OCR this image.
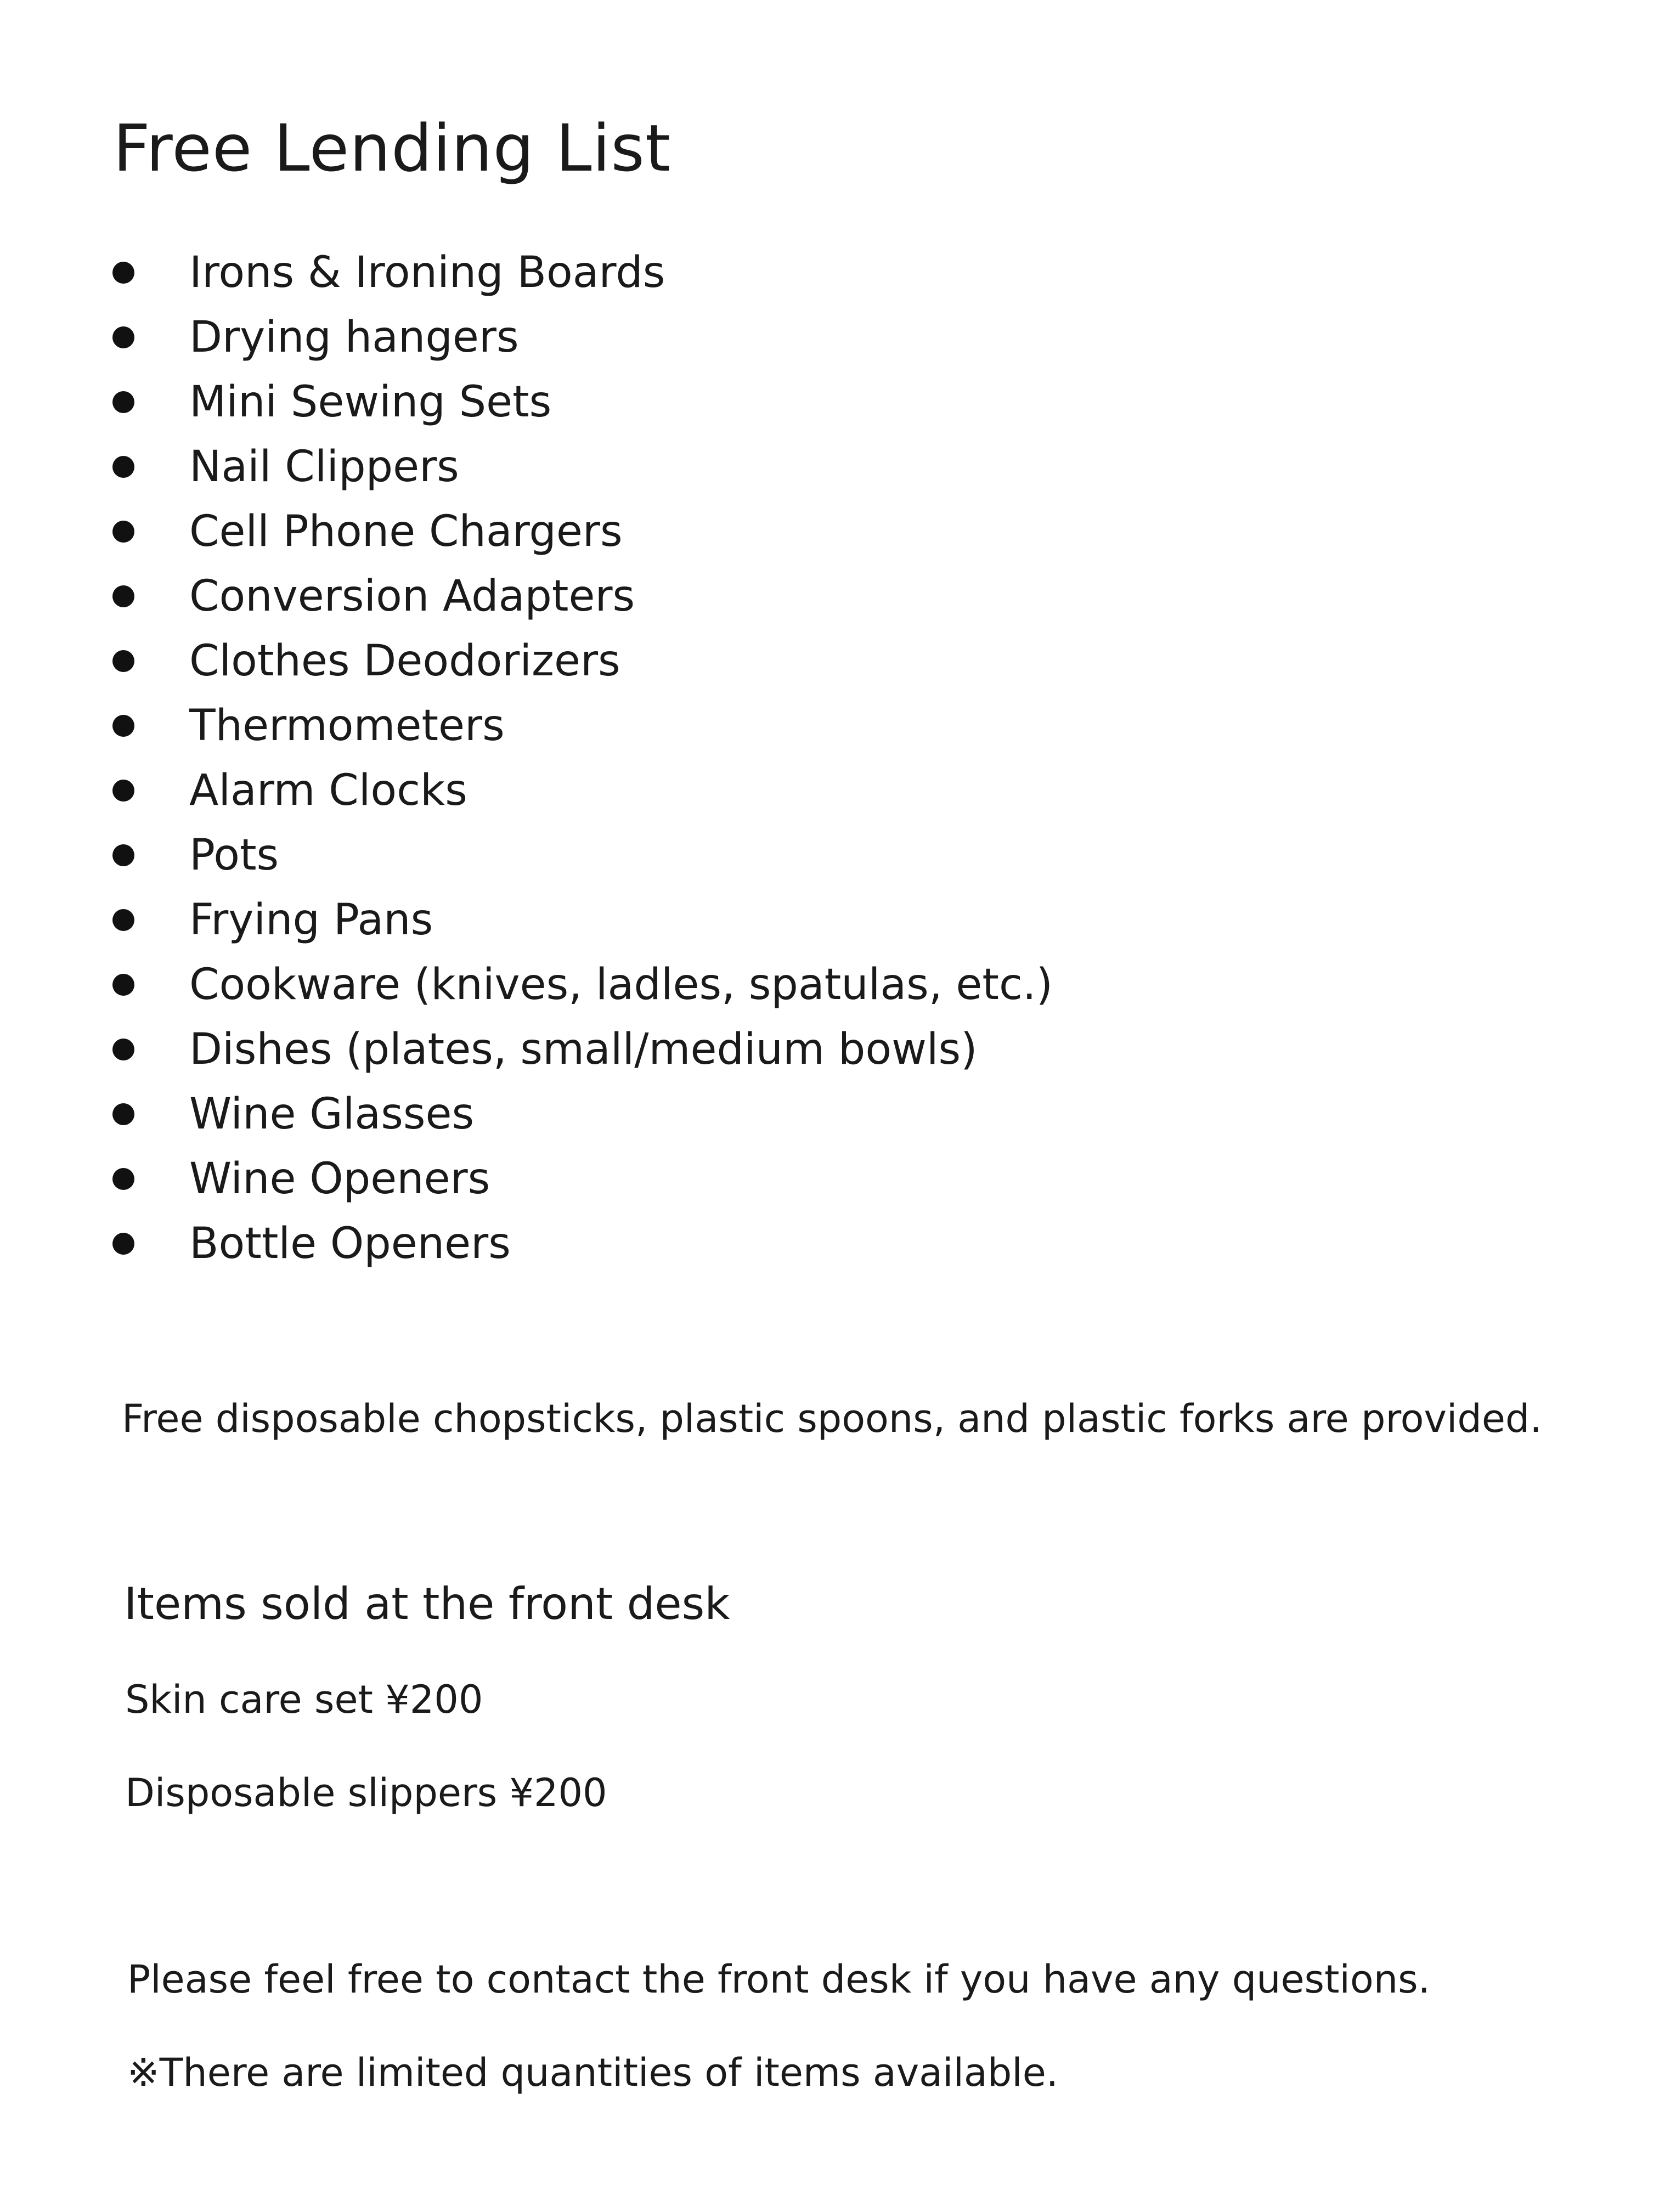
Free Lending List
Irons & Ironing Boards
Drying hangers
Mini Sewing Sets
Nail Clippers
Cell Phone Chargers
Conversion Adapters
Clothes Deodorizers
Thermometers
Alarm Clocks
Pots
Frying Pans
Cookware (knives, ladles, spatulas, etc.)
Dishes (plates, small/medium bowls)
Wine Glasses
Wine Openers
Bottle Openers

Free disposable chopsticks, plastic spoons, and plastic forks are provided.

Items sold at the front desk

Skin care set ¥200

Disposable slippers ¥200

Please feel free to contact the front desk if you have any questions.

※There are limited quantities of items available.
